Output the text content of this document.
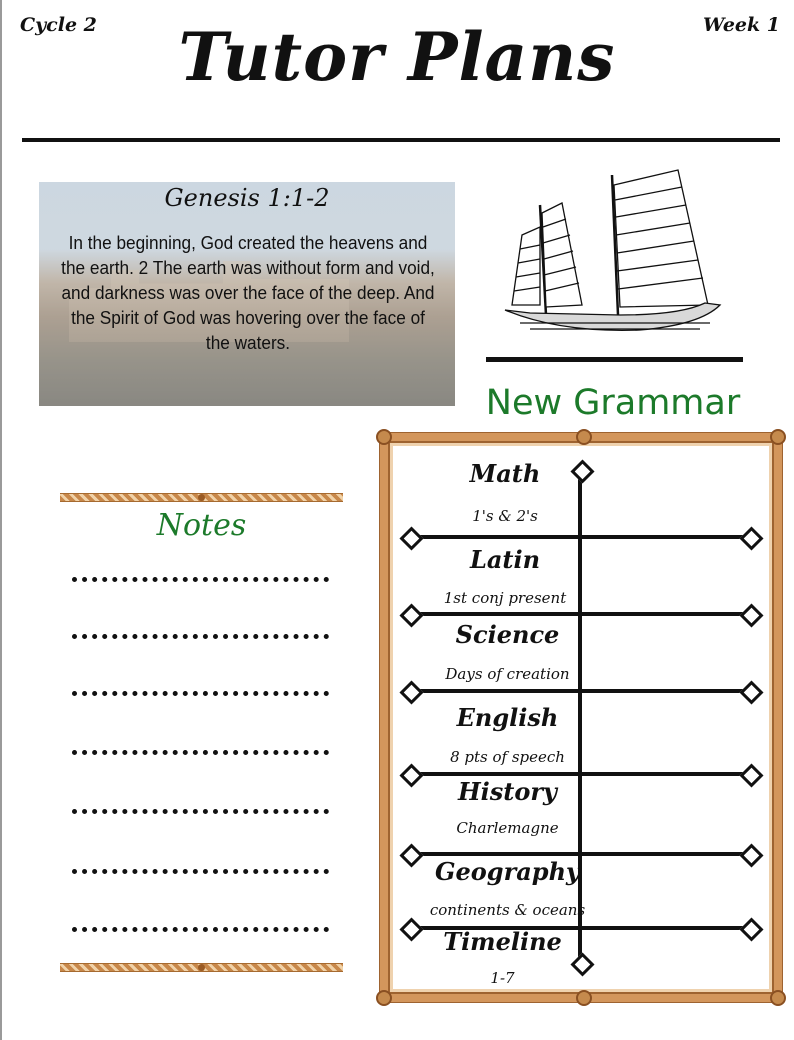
Cycle 2	Week 1
Tutor Plans
Genesis 1:1-2
In the beginning, God created the heavens and the earth. 2 The earth was without form and void, and darkness was over the face of the deep. And the Spirit of God was hovering over the face of the waters.
New Grammar
Notes
Math
1's & 2's
Latin
1st conj present
Science
Days of creation
English
8 pts of speech
History
Charlemagne
Geography
continents & oceans
Timeline
1-7
